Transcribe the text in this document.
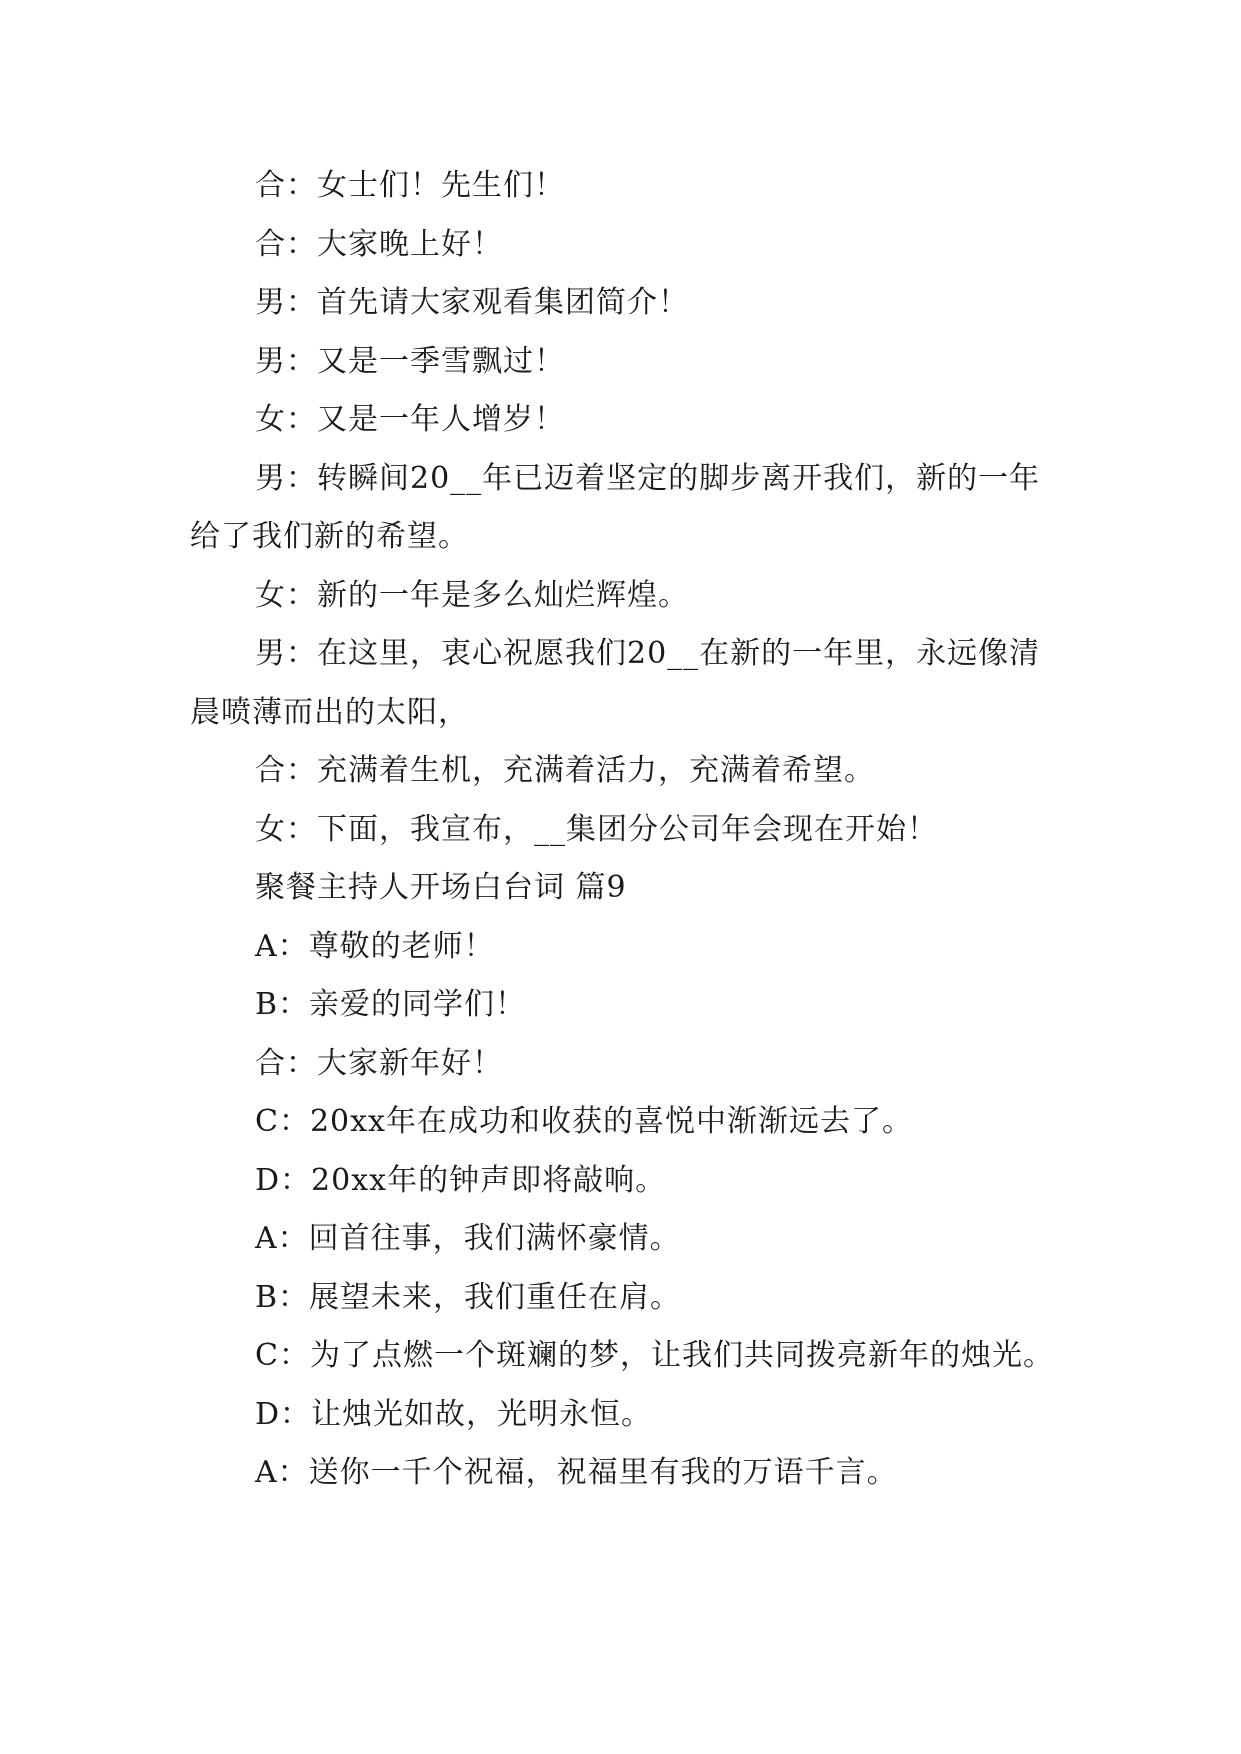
合：女士们！先生们！

合：大家晚上好！

男：首先请大家观看集团简介！

男：又是一季雪飘过！

女：又是一年人增岁！

男：转瞬间20__年已迈着坚定的脚步离开我们，新的一年给了我们新的希望。

女：新的一年是多么灿烂辉煌。

男：在这里，衷心祝愿我们20__在新的一年里，永远像清晨喷薄而出的太阳，

合：充满着生机，充满着活力，充满着希望。

女：下面，我宣布，__集团分公司年会现在开始！

聚餐主持人开场白台词 篇9

A：尊敬的老师！

B：亲爱的同学们！

合：大家新年好！

C：20xx年在成功和收获的喜悦中渐渐远去了。

D：20xx年的钟声即将敲响。

A：回首往事，我们满怀豪情。

B：展望未来，我们重任在肩。

C：为了点燃一个斑斓的梦，让我们共同拨亮新年的烛光。

D：让烛光如故，光明永恒。

A：送你一千个祝福，祝福里有我的万语千言。
